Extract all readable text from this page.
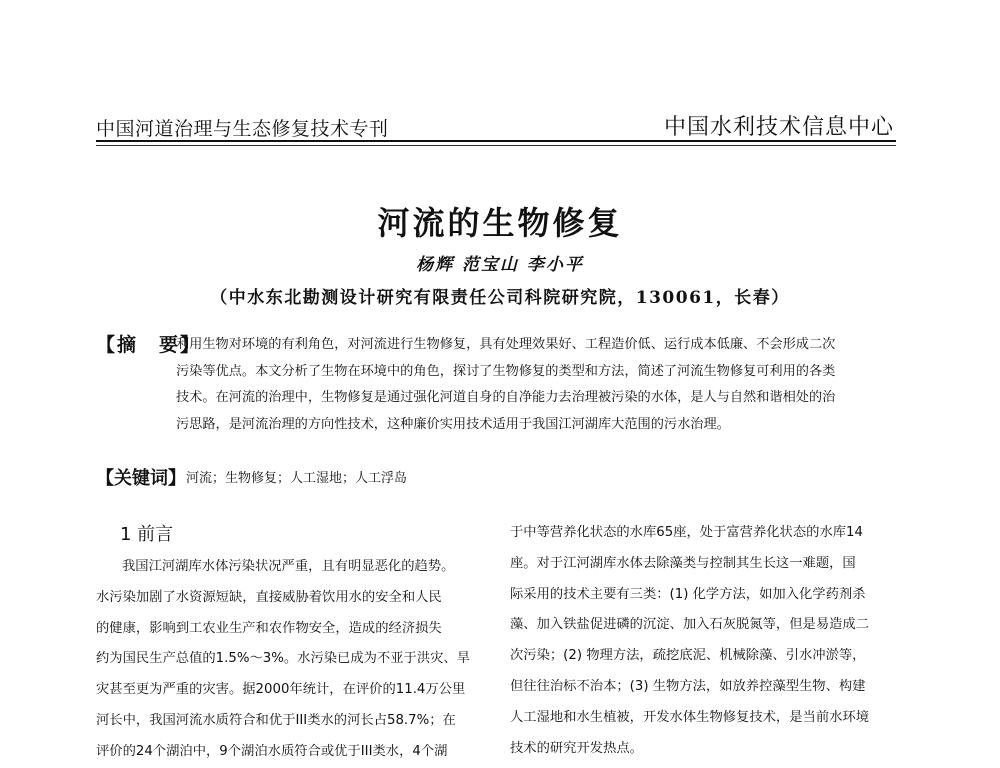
中国河道治理与生态修复技术专刊	中国水利技术信息中心
河流的生物修复
杨辉 范宝山 李小平
（中水东北勘测设计研究有限责任公司科院研究院，130061，长春）
【摘　要】
利用生物对环境的有利角色，对河流进行生物修复，具有处理效果好、工程造价低、运行成本低廉、不会形成二次
污染等优点。本文分析了生物在环境中的角色，探讨了生物修复的类型和方法，简述了河流生物修复可利用的各类
技术。在河流的治理中，生物修复是通过强化河道自身的自净能力去治理被污染的水体，是人与自然和谐相处的治
污思路，是河流治理的方向性技术，这种廉价实用技术适用于我国江河湖库大范围的污水治理。
【关键词】 河流；生物修复；人工湿地；人工浮岛
1 前言
我国江河湖库水体污染状况严重，且有明显恶化的趋势。
水污染加剧了水资源短缺，直接威胁着饮用水的安全和人民
的健康，影响到工农业生产和农作物安全，造成的经济损失
约为国民生产总值的1.5%～3%。水污染已成为不亚于洪灾、旱
灾甚至更为严重的灾害。据2000年统计，在评价的11.4万公里
河长中，我国河流水质符合和优于III类水的河长占58.7%；在
评价的24个湖泊中，9个湖泊水质符合或优于III类水，4个湖
于中等营养化状态的水库65座，处于富营养化状态的水库14
座。对于江河湖库水体去除藻类与控制其生长这一难题，国
际采用的技术主要有三类：(1) 化学方法，如加入化学药剂杀
藻、加入铁盐促进磷的沉淀、加入石灰脱氮等，但是易造成二
次污染；(2) 物理方法，疏挖底泥、机械除藻、引水冲淤等，
但往往治标不治本；(3) 生物方法，如放养控藻型生物、构建
人工湿地和水生植被，开发水体生物修复技术，是当前水环境
技术的研究开发热点。
